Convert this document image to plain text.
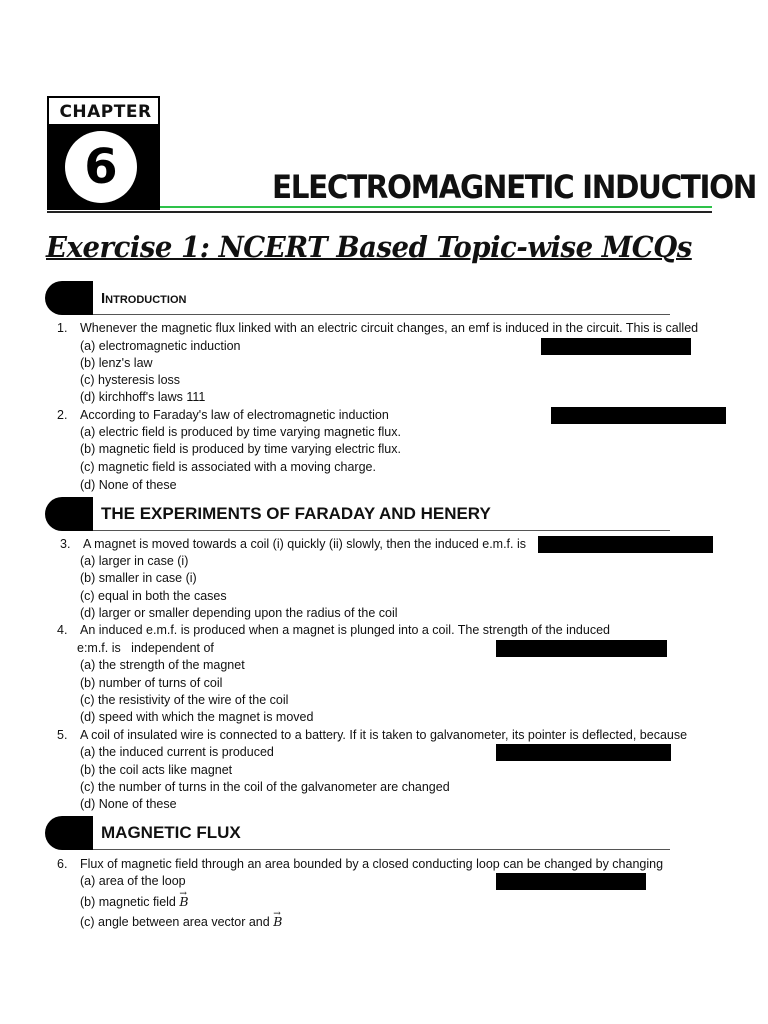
CHAPTER
6	ELECTROMAGNETIC INDUCTION
Exercise 1: NCERT Based Topic-wise MCQs
Introduction
1. Whenever the magnetic flux linked with an electric circuit changes, an emf is induced in the circuit. This is called
(a) electromagnetic induction
(b) lenz's law
(c) hysteresis loss
(d) kirchhoff's laws 111
2. According to Faraday's law of electromagnetic induction
(a) electric field is produced by time varying magnetic flux.
(b) magnetic field is produced by time varying electric flux.
(c) magnetic field is associated with a moving charge.
(d) None of these
THE EXPERIMENTS OF FARADAY AND HENERY
3. A magnet is moved towards a coil (i) quickly (ii) slowly, then the induced e.m.f. is
(a) larger in case (i)
(b) smaller in case (i)
(c) equal in both the cases
(d) larger or smaller depending upon the radius of the coil
4. An induced e.m.f. is produced when a magnet is plunged into a coil. The strength of the induced
e:m.f. is   independent of
(a) the strength of the magnet
(b) number of turns of coil
(c) the resistivity of the wire of the coil
(d) speed with which the magnet is moved
5. A coil of insulated wire is connected to a battery. If it is taken to galvanometer, its pointer is deflected, because
(a) the induced current is produced
(b) the coil acts like magnet
(c) the number of turns in the coil of the galvanometer are changed
(d) None of these
MAGNETIC FLUX
6. Flux of magnetic field through an area bounded by a closed conducting loop can be changed by changing
(a) area of the loop
(b) magnetic field → B
(c) angle between area vector and → B
